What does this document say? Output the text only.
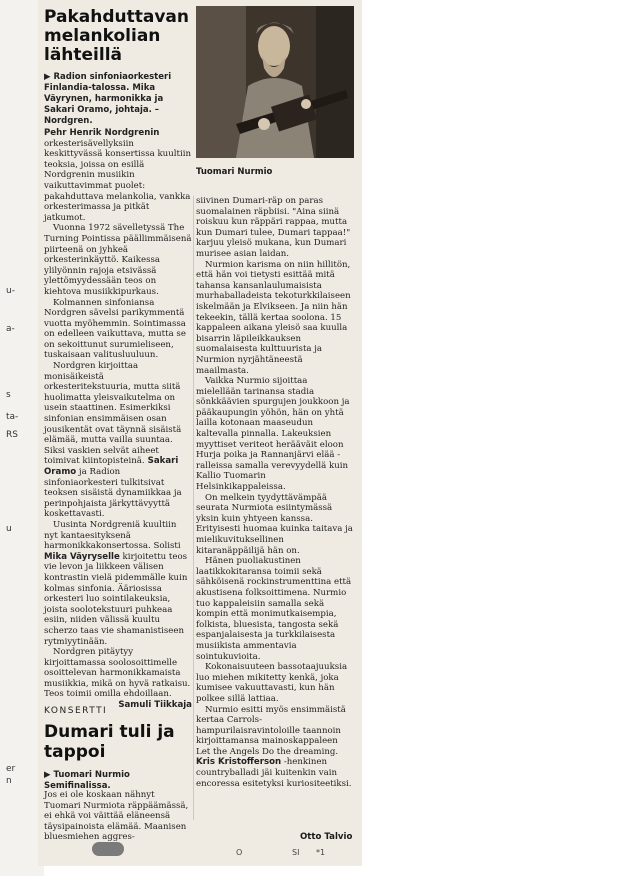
u-
a-
s
ta-
RS
u
er
n
Pakahduttavan melankolian lähteillä
▶ Radion sinfoniaorkesteri Finlandia-talossa. Mika Väyrynen, harmonikka ja Sakari Oramo, johtaja. – Nordgren.

Pehr Henrik Nordgrenin orkesterisävellyksiin keskittyvässä konsertissa kuultiin teoksia, joissa on esillä Nordgrenin musiikin vaikuttavimmat puolet: pakahduttava melankolia, vankka orkesterimassa ja pitkät jatkumot.

Vuonna 1972 sävelletyssä The Turning Pointissa päällimmäisenä piirteenä on jyhkeä orkesterinkäyttö. Kaikessa ylilyönnin rajoja etsivässä ylettömyydessään teos on kiehtova musiikkipurkaus.

Kolmannen sinfoniansa Nordgren sävelsi parikymmentä vuotta myöhemmin. Sointimassa on edelleen vaikuttava, mutta se on sekoittunut surumieliseen, tuskaisaan valitusluuluun.

Nordgren kirjoittaa monisäikeistä orkesteritekstuuria, mutta siitä huolimatta yleisvaikutelma on usein staattinen. Esimerkiksi sinfonian ensimmäisen osan jousikentät ovat täynnä sisäistä elämää, mutta vailla suuntaa. Siksi vaskien selvät aiheet toimivat kiintopisteinä. Sakari Oramo ja Radion sinfoniaorkesteri tulkitsivat teoksen sisäistä dynamiikkaa ja perinpohjaista järkyttävyyttä koskettavasti.

Uusinta Nordgreniä kuultiin nyt kantaesityksenä harmonikkakonsertossa. Solisti Mika Väyryselle kirjoitettu teos vie levon ja liikkeen välisen kontrastin vielä pidemmälle kuin kolmas sinfonia. Ääriosissa orkesteri luo sointilakeuksia, joista soolotekstuuri puhkeaa esiin, niiden välissä kuultu scherzo taas vie shamanistiseen rytmiyytinään.

Nordgren pitäytyy kirjoittamassa soolosoittimelle osoittelevan harmonikkamaista musiikkia, mikä on hyvä ratkaisu. Teos toimii omilla ehdoillaan.

Samuli Tiikkaja
Tuomari Nurmio

siivinen Dumari-räp on paras suomalainen räpbiisi. "Aina siinä roiskuu kun räppäri rappaa, mutta kun Dumari tulee, Dumari tappaa!" karjuu yleisö mukana, kun Dumari murisee asian laidan.

Nurmion karisma on niin hillitön, että hän voi tietysti esittää mitä tahansa kansanlaulumaisista murhaballadeista tekoturkkilaiseen iskelmään ja Elvikseen. Ja niin hän tekeekin, tällä kertaa soolona. 15 kappaleen aikana yleisö saa kuulla bisarrin läpileikkauksen suomalaisesta kulttuurista ja Nurmion nyrjähtäneestä maailmasta.

Vaikka Nurmio sijoittaa mielellään tarinansa stadia sönkkäävien spurgujen joukkoon ja pääkaupungin yöhön, hän on yhtä lailla kotonaan maaseudun kaltevalla pinnalla. Lakeuksien myyttiset veriteot herääväit eloon Hurja poika ja Rannanjärvi elää -ralleissa samalla verevyydellä kuin Kallio Tuomarin Helsinkikappaleissa.

On melkein tyydyttävämpää seurata Nurmiota esiintymässä yksin kuin yhtyeen kanssa. Erityisesti huomaa kuinka taitava ja mielikuvituksellinen kitaranäppäilijä hän on.

Hänen puoliakustinen laatikkokitaransa toimii sekä sähköisenä rockinstrumenttina että akustisena folksoittimena. Nurmio tuo kappaleisiin samalla sekä kompin että monimutkaisempia, folkista, bluesista, tangosta sekä espanjalaisesta ja turkkilaisesta musiikista ammentavia sointukuvioita.

Kokonaisuuteen bassotaajuuksia luo miehen mikitetty kenkä, joka kumisee vakuuttavasti, kun hän polkee sillä lattiaa.

Nurmio esitti myös ensimmäistä kertaa Carrols-hampurilaisravintoloille taannoin kirjoittamansa mainoskappaleen Let the Angels Do the dreaming. Kris Kristofferson -henkinen countryballadi jäi kuitenkin vain encoressa esitetyksi kuriositeetiksi.

KONSERTTI
Dumari tuli ja tappoi
▶ Tuomari Nurmio Semifinalissa.

Jos ei ole koskaan nähnyt Tuomari Nurmiota räppäämässä, ei ehkä voi väittää eläneensä täysipainoista elämää. Maanisen bluesmiehen aggres-	Otto Talvio
O	SI *1
